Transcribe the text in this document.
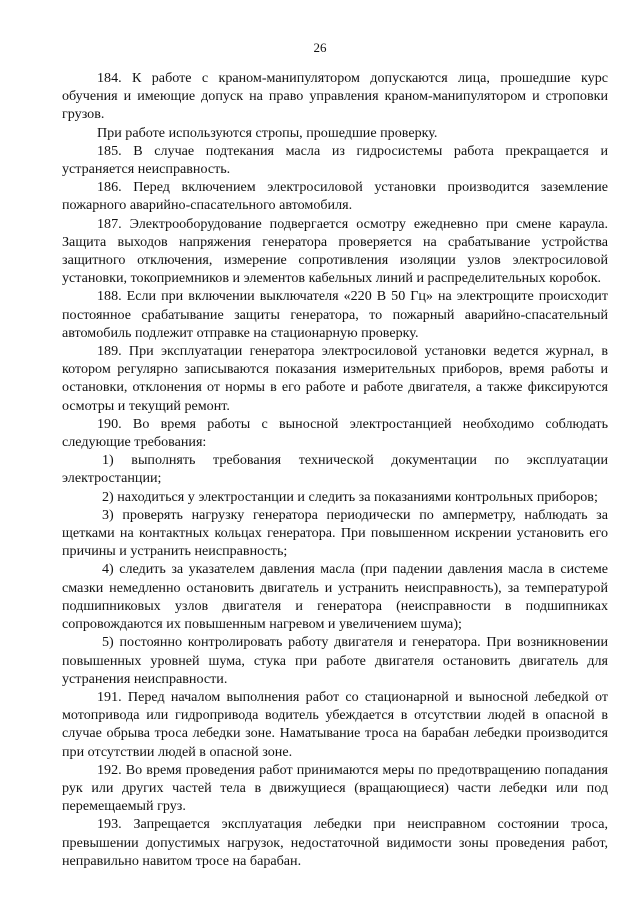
26

184. К работе с краном-манипулятором допускаются лица, прошедшие курс обучения и имеющие допуск на право управления краном-манипулятором и строповки грузов.

При работе используются стропы, прошедшие проверку.

185. В случае подтекания масла из гидросистемы работа прекращается и устраняется неисправность.

186. Перед включением электросиловой установки производится заземление пожарного аварийно-спасательного автомобиля.

187. Электрооборудование подвергается осмотру ежедневно при смене караула. Защита выходов напряжения генератора проверяется на срабатывание устройства защитного отключения, измерение сопротивления изоляции узлов электросиловой установки, токоприемников и элементов кабельных линий и распределительных коробок.

188. Если при включении выключателя «220 В 50 Гц» на электрощите происходит постоянное срабатывание защиты генератора, то пожарный аварийно-спасательный автомобиль подлежит отправке на стационарную проверку.

189. При эксплуатации генератора электросиловой установки ведется журнал, в котором регулярно записываются показания измерительных приборов, время работы и остановки, отклонения от нормы в его работе и работе двигателя, а также фиксируются осмотры и текущий ремонт.

190. Во время работы с выносной электростанцией необходимо соблюдать следующие требования:

1) выполнять требования технической документации по эксплуатации электростанции;

2) находиться у электростанции и следить за показаниями контрольных приборов;

3) проверять нагрузку генератора периодически по амперметру, наблюдать за щетками на контактных кольцах генератора. При повышенном искрении установить его причины и устранить неисправность;

4) следить за указателем давления масла (при падении давления масла в системе смазки немедленно остановить двигатель и устранить неисправность), за температурой подшипниковых узлов двигателя и генератора (неисправности в подшипниках сопровождаются их повышенным нагревом и увеличением шума);

5) постоянно контролировать работу двигателя и генератора. При возникновении повышенных уровней шума, стука при работе двигателя остановить двигатель для устранения неисправности.

191. Перед началом выполнения работ со стационарной и выносной лебедкой от мотопривода или гидропривода водитель убеждается в отсутствии людей в опасной в случае обрыва троса лебедки зоне. Наматывание троса на барабан лебедки производится при отсутствии людей в опасной зоне.

192. Во время проведения работ принимаются меры по предотвращению попадания рук или других частей тела в движущиеся (вращающиеся) части лебедки или под перемещаемый груз.

193. Запрещается эксплуатация лебедки при неисправном состоянии троса, превышении допустимых нагрузок, недостаточной видимости зоны проведения работ, неправильно навитом тросе на барабан.
